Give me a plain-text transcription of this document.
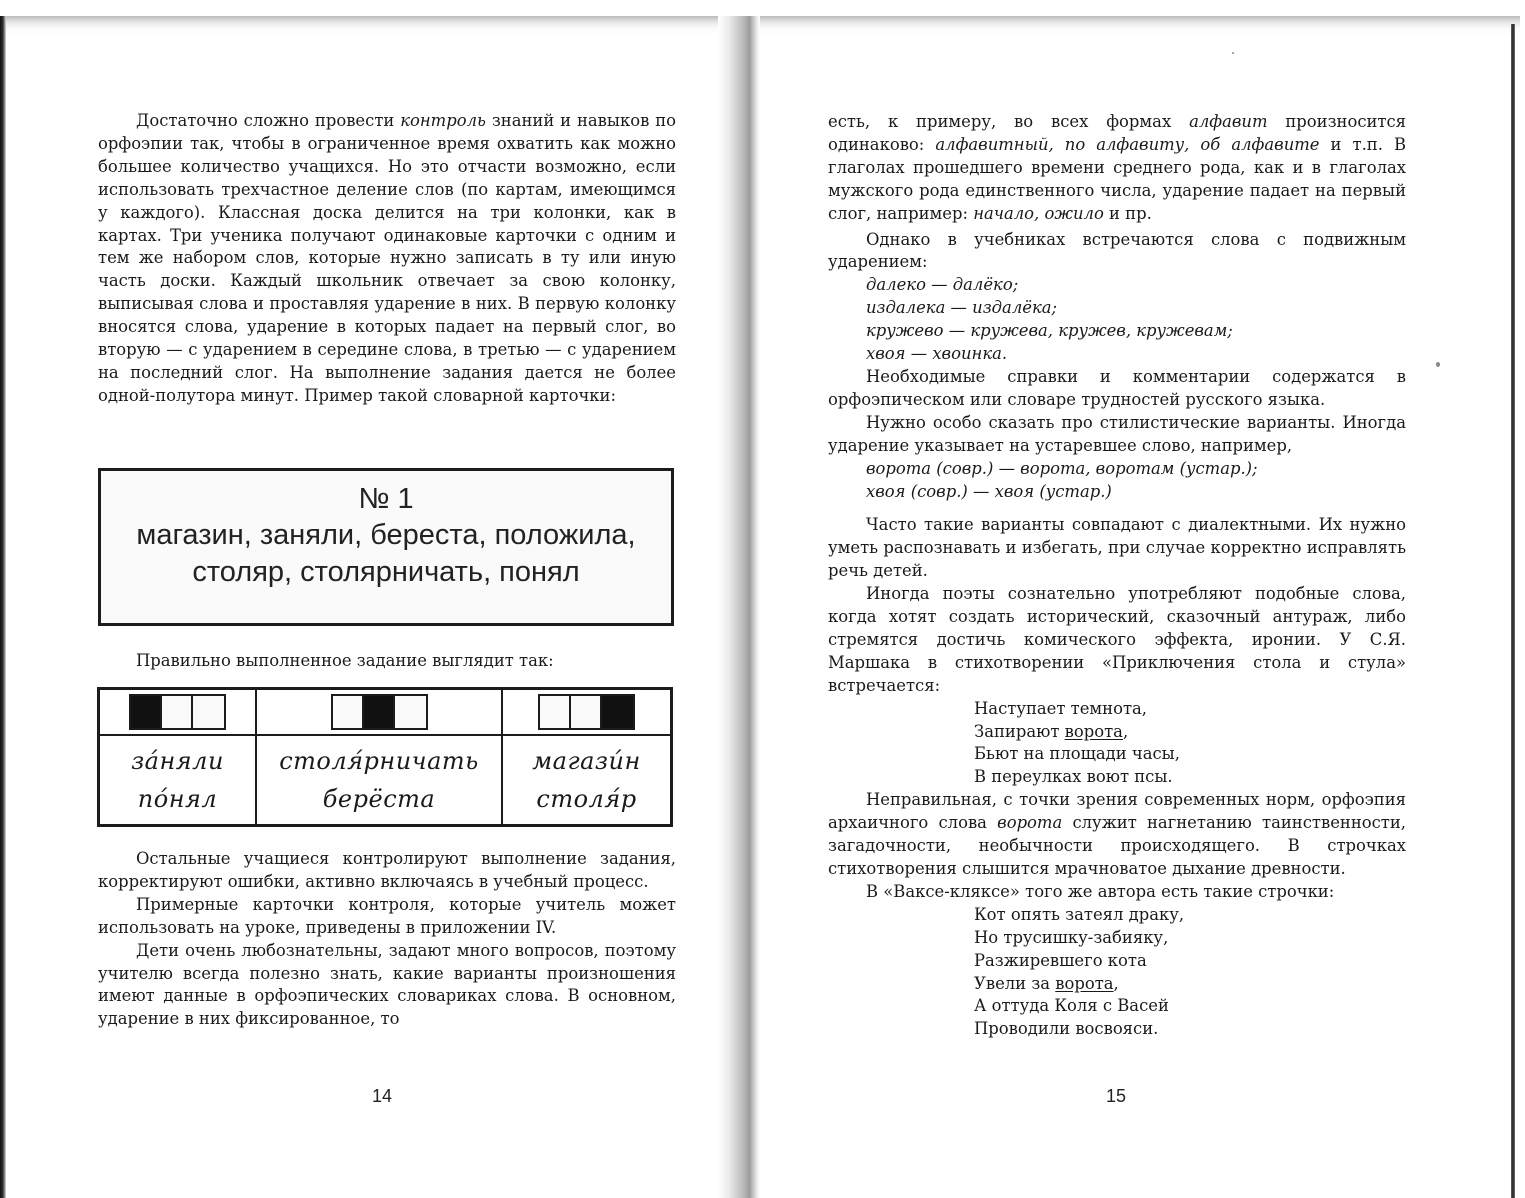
Достаточно сложно провести контроль знаний и навыков по орфоэпии так, чтобы в ограниченное время охватить как можно большее количество учащихся. Но это отчасти возможно, если использовать трехчастное деление слов (по картам, имеющимся у каждого). Классная доска делится на три колонки, как в картах. Три ученика получают одинаковые карточки с одним и тем же набором слов, которые нужно записать в ту или иную часть доски. Каждый школьник отвечает за свою колонку, выписывая слова и проставляя ударение в них. В первую колонку вносятся слова, ударение в которых падает на первый слог, во вторую — с ударением в середине слова, в третью — с ударением на последний слог. На выполнение задания дается не более одной-полутора минут. Пример такой словарной карточки:

№ 1
магазин, заняли, береста, положила,
столяр, столярничать, понял

Правильно выполненное задание выглядит так:

за́няли
по́нял
столя́рничать
берёста
магази́н
столя́р

Остальные учащиеся контролируют выполнение задания, корректируют ошибки, активно включаясь в учебный процесс.

Примерные карточки контроля, которые учитель может использовать на уроке, приведены в приложении IV.

Дети очень любознательны, задают много вопросов, поэтому учителю всегда полезно знать, какие варианты произношения имеют данные в орфоэпических словариках слова. В основном, ударение в них фиксированное, то

14

есть, к примеру, во всех формах алфавит произносится одинаково: алфавитный, по алфавиту, об алфавите и т.п. В глаголах прошедшего времени среднего рода, как и в глаголах мужского рода единственного числа, ударение падает на первый слог, например: начало, ожило и пр.

Однако в учебниках встречаются слова с подвижным ударением:

далеко — далёко;
издалека — издалёка;
кружево — кружева, кружев, кружевам;
хвоя — хвоинка.

Необходимые справки и комментарии содержатся в орфоэпическом или словаре трудностей русского языка.

Нужно особо сказать про стилистические варианты. Иногда ударение указывает на устаревшее слово, например,

ворота (совр.) — ворота, воротам (устар.);
хвоя (совр.) — хвоя (устар.)

Часто такие варианты совпадают с диалектными. Их нужно уметь распознавать и избегать, при случае корректно исправлять речь детей.

Иногда поэты сознательно употребляют подобные слова, когда хотят создать исторический, сказочный антураж, либо стремятся достичь комического эффекта, иронии. У С.Я. Маршака в стихотворении «Приключения стола и стула» встречается:

Наступает темнота,
Запирают ворота,
Бьют на площади часы,
В переулках воют псы.

Неправильная, с точки зрения современных норм, орфоэпия архаичного слова ворота служит нагнетанию таинственности, загадочности, необычности происходящего. В строчках стихотворения слышится мрачноватое дыхание древности.

В «Ваксе-кляксе» того же автора есть такие строчки:

Кот опять затеял драку,
Но трусишку-забияку,
Разжиревшего кота
Увели за ворота,
А оттуда Коля с Васей
Проводили восвояси.
15
